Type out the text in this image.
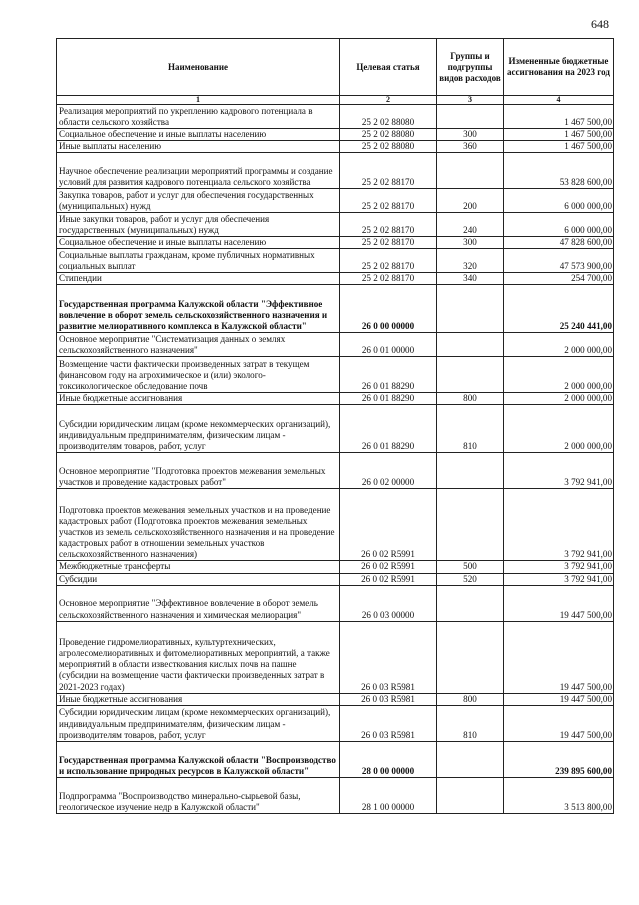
648
Наименование	Целевая статья	Группы и подгруппы видов расходов	Измененные бюджетные ассигнования на 2023 год
1	2	3	4
Реализация мероприятий по укреплению кадрового потенциала в области сельского хозяйства	25 2 02 88080		1 467 500,00
Социальное обеспечение и иные выплаты населению	25 2 02 88080	300	1 467 500,00
Иные выплаты населению	25 2 02 88080	360	1 467 500,00
Научное обеспечение реализации мероприятий программы и создание условий для развития кадрового потенциала сельского хозяйства	25 2 02 88170		53 828 600,00
Закупка товаров, работ и услуг для обеспечения государственных (муниципальных) нужд	25 2 02 88170	200	6 000 000,00
Иные закупки товаров, работ и услуг для обеспечения государственных (муниципальных) нужд	25 2 02 88170	240	6 000 000,00
Социальное обеспечение и иные выплаты населению	25 2 02 88170	300	47 828 600,00
Социальные выплаты гражданам, кроме публичных нормативных социальных выплат	25 2 02 88170	320	47 573 900,00
Стипендии	25 2 02 88170	340	254 700,00
Государственная программа Калужской области "Эффективное вовлечение в оборот земель сельскохозяйственного назначения и развитие мелиоративного комплекса в Калужской области"	26 0 00 00000		25 240 441,00
Основное мероприятие "Систематизация данных о землях сельскохозяйственного назначения"	26 0 01 00000		2 000 000,00
Возмещение части фактически произведенных затрат в текущем финансовом году на агрохимическое и (или) эколого-токсикологическое обследование почв	26 0 01 88290		2 000 000,00
Иные бюджетные ассигнования	26 0 01 88290	800	2 000 000,00
Субсидии юридическим лицам (кроме некоммерческих организаций), индивидуальным предпринимателям, физическим лицам - производителям товаров, работ, услуг	26 0 01 88290	810	2 000 000,00
Основное мероприятие "Подготовка проектов межевания земельных участков и проведение кадастровых работ"	26 0 02 00000		3 792 941,00
Подготовка проектов межевания земельных участков и на проведение кадастровых работ (Подготовка проектов межевания земельных участков из земель сельскохозяйственного назначения и на проведение кадастровых работ в отношении земельных участков сельскохозяйственного назначения)	26 0 02 R5991		3 792 941,00
Межбюджетные трансферты	26 0 02 R5991	500	3 792 941,00
Субсидии	26 0 02 R5991	520	3 792 941,00
Основное мероприятие "Эффективное вовлечение в оборот земель сельскохозяйственного назначения и химическая мелиорация"	26 0 03 00000		19 447 500,00
Проведение гидромелиоративных, культуртехнических, агролесомелиоративных и фитомелиоративных мероприятий, а также мероприятий в области известкования кислых почв на пашне (субсидии на возмещение части фактически произведенных затрат в 2021-2023 годах)	26 0 03 R5981		19 447 500,00
Иные бюджетные ассигнования	26 0 03 R5981	800	19 447 500,00
Субсидии юридическим лицам (кроме некоммерческих организаций), индивидуальным предпринимателям, физическим лицам - производителям товаров, работ, услуг	26 0 03 R5981	810	19 447 500,00
Государственная программа Калужской области "Воспроизводство и использование природных ресурсов в Калужской области"	28 0 00 00000		239 895 600,00
Подпрограмма "Воспроизводство минерально-сырьевой базы, геологическое изучение недр в Калужской области"	28 1 00 00000		3 513 800,00
